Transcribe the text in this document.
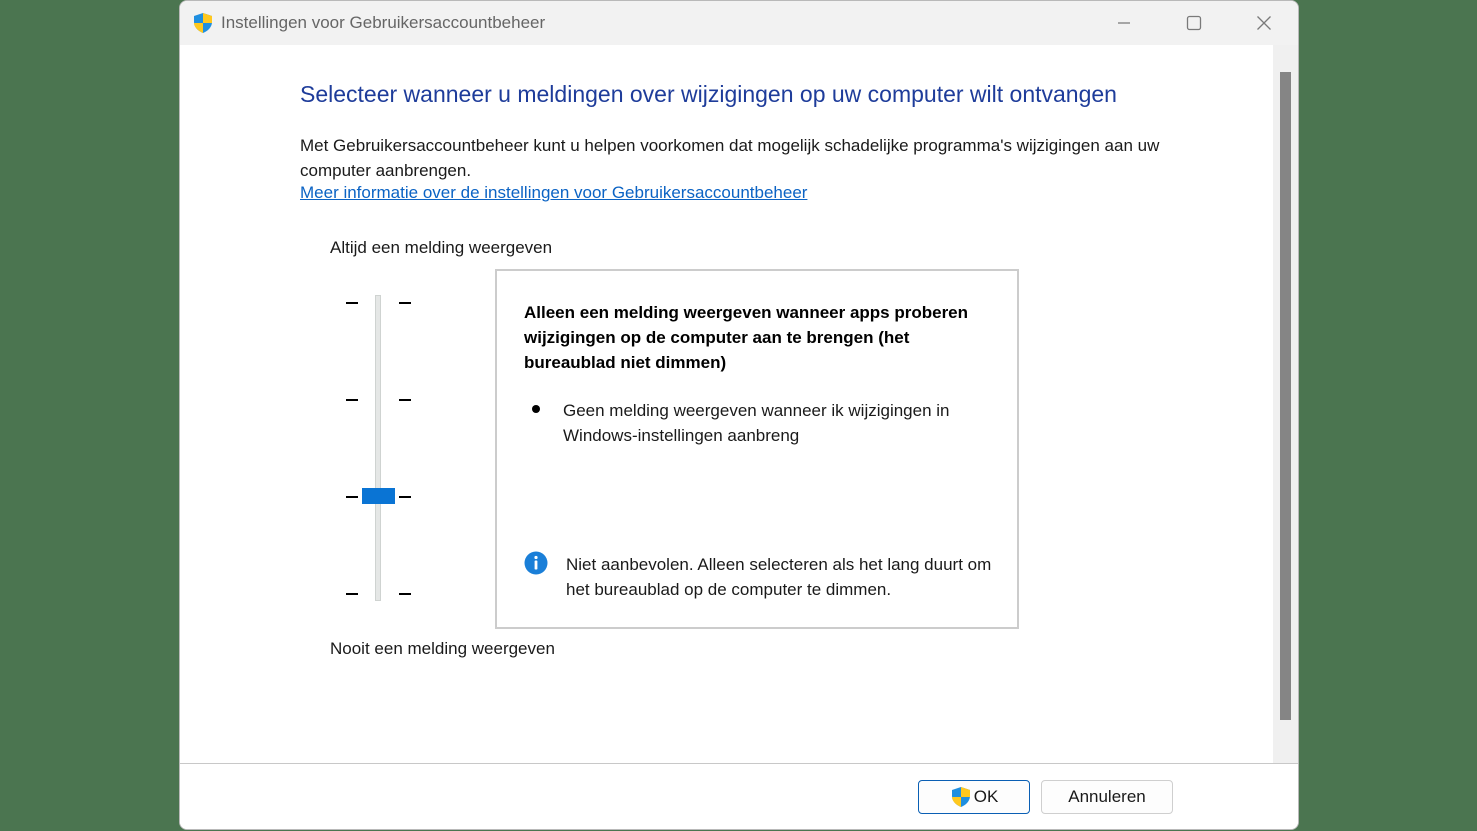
Instellingen voor Gebruikersaccountbeheer
Selecteer wanneer u meldingen over wijzigingen op uw computer wilt ontvangen
Met Gebruikersaccountbeheer kunt u helpen voorkomen dat mogelijk schadelijke programma's wijzigingen aan uw computer aanbrengen.
Meer informatie over de instellingen voor Gebruikersaccountbeheer
Altijd een melding weergeven
Nooit een melding weergeven
Alleen een melding weergeven wanneer apps proberen wijzigingen op de computer aan te brengen (het bureaublad niet dimmen)
Geen melding weergeven wanneer ik wijzigingen in Windows-instellingen aanbreng
Niet aanbevolen. Alleen selecteren als het lang duurt om het bureaublad op de computer te dimmen.
OK	Annuleren
